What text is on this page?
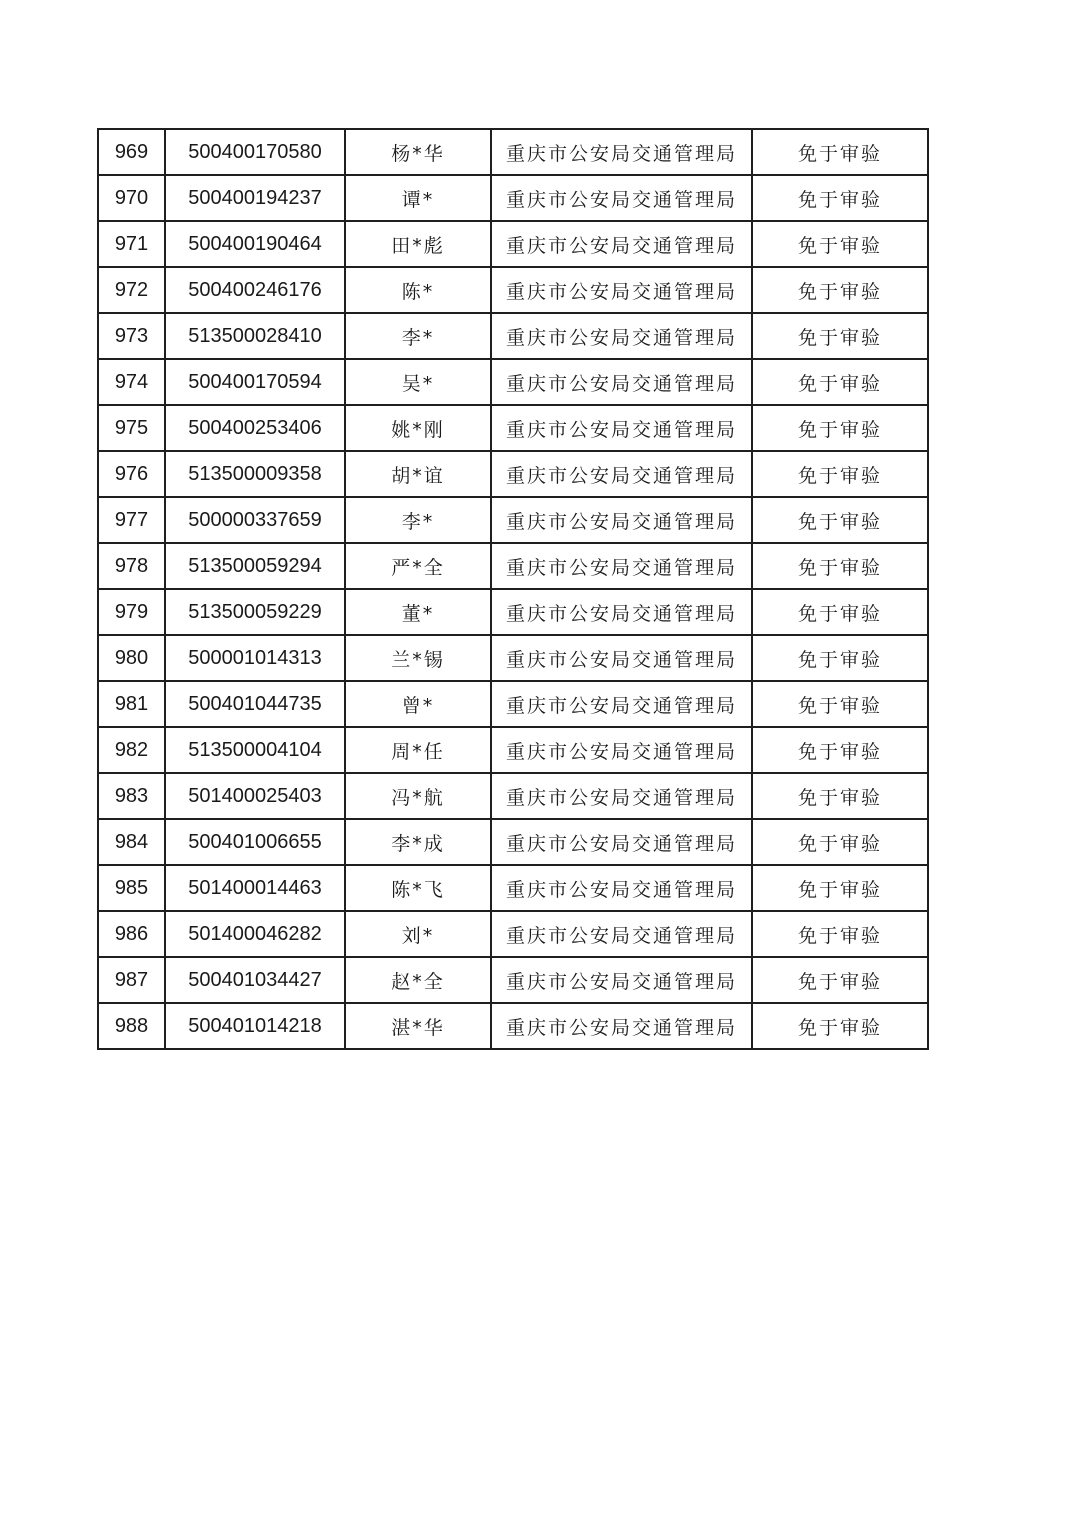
969	500400170580	杨*华	重庆市公安局交通管理局	免于审验
970	500400194237	谭*	重庆市公安局交通管理局	免于审验
971	500400190464	田*彪	重庆市公安局交通管理局	免于审验
972	500400246176	陈*	重庆市公安局交通管理局	免于审验
973	513500028410	李*	重庆市公安局交通管理局	免于审验
974	500400170594	吴*	重庆市公安局交通管理局	免于审验
975	500400253406	姚*刚	重庆市公安局交通管理局	免于审验
976	513500009358	胡*谊	重庆市公安局交通管理局	免于审验
977	500000337659	李*	重庆市公安局交通管理局	免于审验
978	513500059294	严*全	重庆市公安局交通管理局	免于审验
979	513500059229	董*	重庆市公安局交通管理局	免于审验
980	500001014313	兰*锡	重庆市公安局交通管理局	免于审验
981	500401044735	曾*	重庆市公安局交通管理局	免于审验
982	513500004104	周*任	重庆市公安局交通管理局	免于审验
983	501400025403	冯*航	重庆市公安局交通管理局	免于审验
984	500401006655	李*成	重庆市公安局交通管理局	免于审验
985	501400014463	陈*飞	重庆市公安局交通管理局	免于审验
986	501400046282	刘*	重庆市公安局交通管理局	免于审验
987	500401034427	赵*全	重庆市公安局交通管理局	免于审验
988	500401014218	湛*华	重庆市公安局交通管理局	免于审验
